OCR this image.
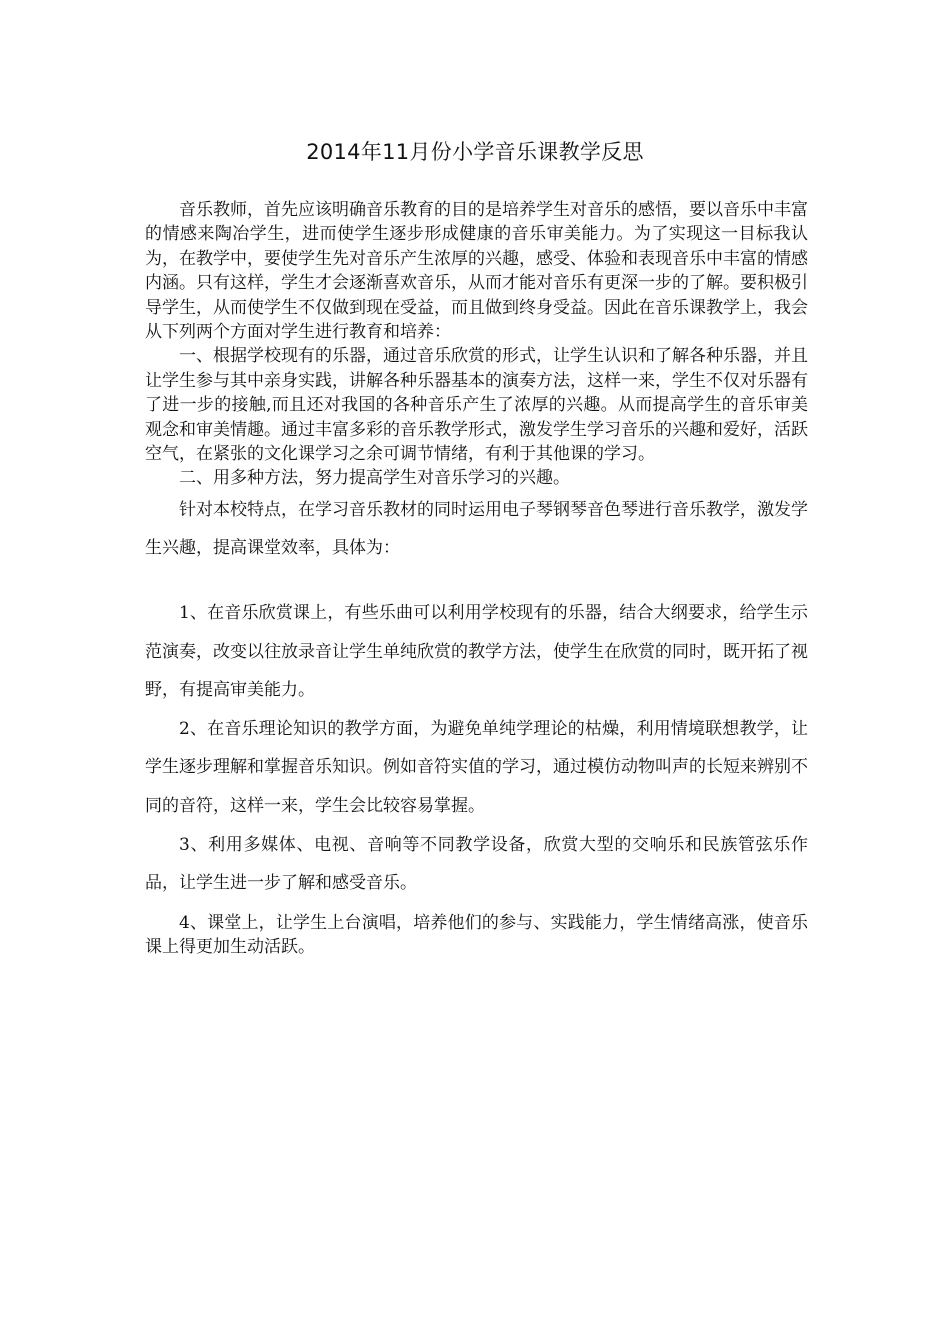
2014年11月份小学音乐课教学反思

音乐教师，首先应该明确音乐教育的目的是培养学生对音乐的感悟，要以音乐中丰富的情感来陶冶学生，进而使学生逐步形成健康的音乐审美能力。为了实现这一目标我认为，在教学中，要使学生先对音乐产生浓厚的兴趣，感受、体验和表现音乐中丰富的情感内涵。只有这样，学生才会逐渐喜欢音乐，从而才能对音乐有更深一步的了解。要积极引导学生，从而使学生不仅做到现在受益，而且做到终身受益。因此在音乐课教学上，我会从下列两个方面对学生进行教育和培养：

一、根据学校现有的乐器，通过音乐欣赏的形式，让学生认识和了解各种乐器，并且让学生参与其中亲身实践，讲解各种乐器基本的演奏方法，这样一来，学生不仅对乐器有了进一步的接触,而且还对我国的各种音乐产生了浓厚的兴趣。从而提高学生的音乐审美观念和审美情趣。通过丰富多彩的音乐教学形式，激发学生学习音乐的兴趣和爱好，活跃空气，在紧张的文化课学习之余可调节情绪，有利于其他课的学习。

二、用多种方法，努力提高学生对音乐学习的兴趣。

针对本校特点，在学习音乐教材的同时运用电子琴钢琴音色琴进行音乐教学，激发学生兴趣，提高课堂效率，具体为：

1、在音乐欣赏课上，有些乐曲可以利用学校现有的乐器，结合大纲要求，给学生示范演奏，改变以往放录音让学生单纯欣赏的教学方法，使学生在欣赏的同时，既开拓了视野，有提高审美能力。

2、在音乐理论知识的教学方面，为避免单纯学理论的枯燥，利用情境联想教学，让学生逐步理解和掌握音乐知识。例如音符实值的学习，通过模仿动物叫声的长短来辨别不同的音符，这样一来，学生会比较容易掌握。

3、利用多媒体、电视、音响等不同教学设备，欣赏大型的交响乐和民族管弦乐作品，让学生进一步了解和感受音乐。

4、课堂上，让学生上台演唱，培养他们的参与、实践能力，学生情绪高涨，使音乐课上得更加生动活跃。
